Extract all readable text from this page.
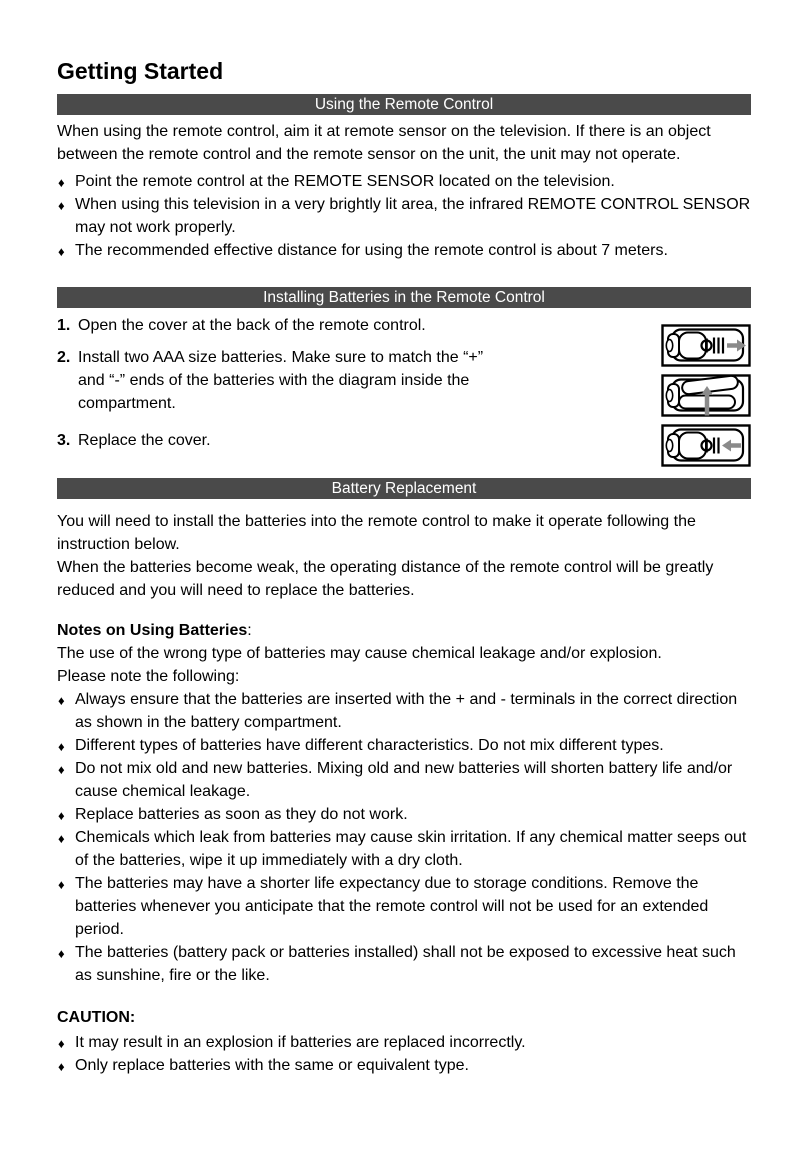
Getting Started
Using the Remote Control

When using the remote control, aim it at remote sensor on the television. If there is an object between the remote control and the remote sensor on the unit, the unit may not operate.

♦ Point the remote control at the REMOTE SENSOR located on the television.
♦ When using this television in a very brightly lit area, the infrared REMOTE CONTROL SENSOR may not work properly.
♦ The recommended effective distance for using the remote control is about 7 meters.
Installing Batteries in the Remote Control
1. Open the cover at the back of the remote control.
2. Install two AAA size batteries. Make sure to match the “+” and “-” ends of the batteries with the diagram inside the compartment.
3. Replace the cover.
Battery Replacement

You will need to install the batteries into the remote control to make it operate following the instruction below.

When the batteries become weak, the operating distance of the remote control will be greatly reduced and you will need to replace the batteries.

Notes on Using Batteries:

The use of the wrong type of batteries may cause chemical leakage and/or explosion.

Please note the following:

♦ Always ensure that the batteries are inserted with the + and - terminals in the correct direction as shown in the battery compartment.
♦ Different types of batteries have different characteristics. Do not mix different types.
♦ Do not mix old and new batteries. Mixing old and new batteries will shorten battery life and/or cause chemical leakage.
♦ Replace batteries as soon as they do not work.
♦ Chemicals which leak from batteries may cause skin irritation. If any chemical matter seeps out of the batteries, wipe it up immediately with a dry cloth.
♦ The batteries may have a shorter life expectancy due to storage conditions. Remove the batteries whenever you anticipate that the remote control will not be used for an extended period.
♦ The batteries (battery pack or batteries installed) shall not be exposed to excessive heat such as sunshine, fire or the like.

CAUTION:

♦ It may result in an explosion if batteries are replaced incorrectly.
♦ Only replace batteries with the same or equivalent type.
